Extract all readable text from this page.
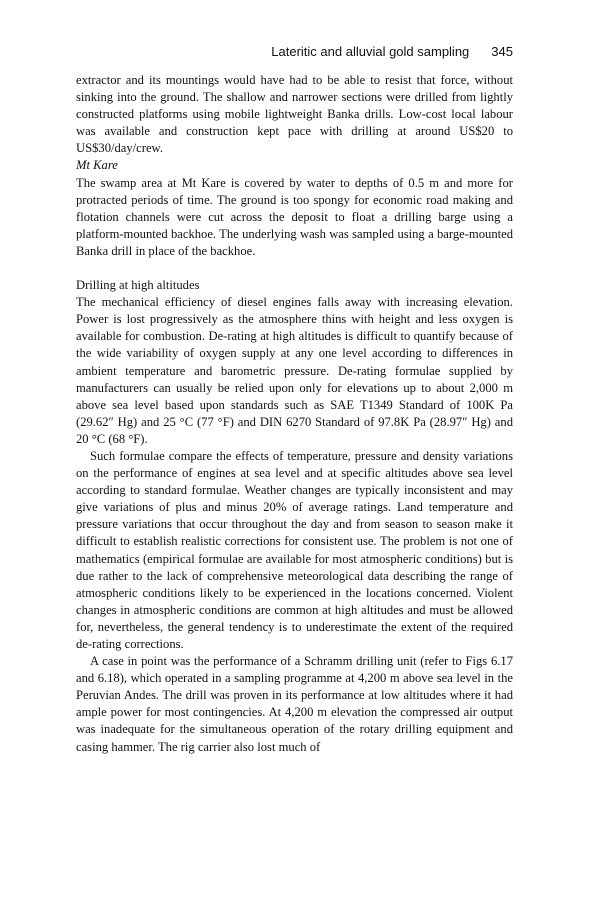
Lateritic and alluvial gold sampling 345

extractor and its mountings would have had to be able to resist that force, without sinking into the ground. The shallow and narrower sections were drilled from lightly constructed platforms using mobile lightweight Banka drills. Low-cost local labour was available and construction kept pace with drilling at around US$20 to US$30/day/crew.

Mt Kare

The swamp area at Mt Kare is covered by water to depths of 0.5 m and more for protracted periods of time. The ground is too spongy for economic road making and flotation channels were cut across the deposit to float a drilling barge using a platform-mounted backhoe. The underlying wash was sampled using a barge-mounted Banka drill in place of the backhoe.

Drilling at high altitudes

The mechanical efficiency of diesel engines falls away with increasing elevation. Power is lost progressively as the atmosphere thins with height and less oxygen is available for combustion. De-rating at high altitudes is difficult to quantify because of the wide variability of oxygen supply at any one level according to differences in ambient temperature and barometric pressure. De-rating formulae supplied by manufacturers can usually be relied upon only for elevations up to about 2,000 m above sea level based upon standards such as SAE T1349 Standard of 100K Pa (29.62″ Hg) and 25 °C (77 °F) and DIN 6270 Standard of 97.8K Pa (28.97″ Hg) and 20 °C (68 °F).

Such formulae compare the effects of temperature, pressure and density variations on the performance of engines at sea level and at specific altitudes above sea level according to standard formulae. Weather changes are typically inconsistent and may give variations of plus and minus 20% of average ratings. Land temperature and pressure variations that occur throughout the day and from season to season make it difficult to establish realistic corrections for consistent use. The problem is not one of mathematics (empirical formulae are available for most atmospheric conditions) but is due rather to the lack of comprehensive meteorological data describing the range of atmospheric conditions likely to be experienced in the locations concerned. Violent changes in atmospheric conditions are common at high altitudes and must be allowed for, nevertheless, the general tendency is to underestimate the extent of the required de-rating corrections.

A case in point was the performance of a Schramm drilling unit (refer to Figs 6.17 and 6.18), which operated in a sampling programme at 4,200 m above sea level in the Peruvian Andes. The drill was proven in its performance at low altitudes where it had ample power for most contingencies. At 4,200 m elevation the compressed air output was inadequate for the simultaneous operation of the rotary drilling equipment and casing hammer. The rig carrier also lost much of
